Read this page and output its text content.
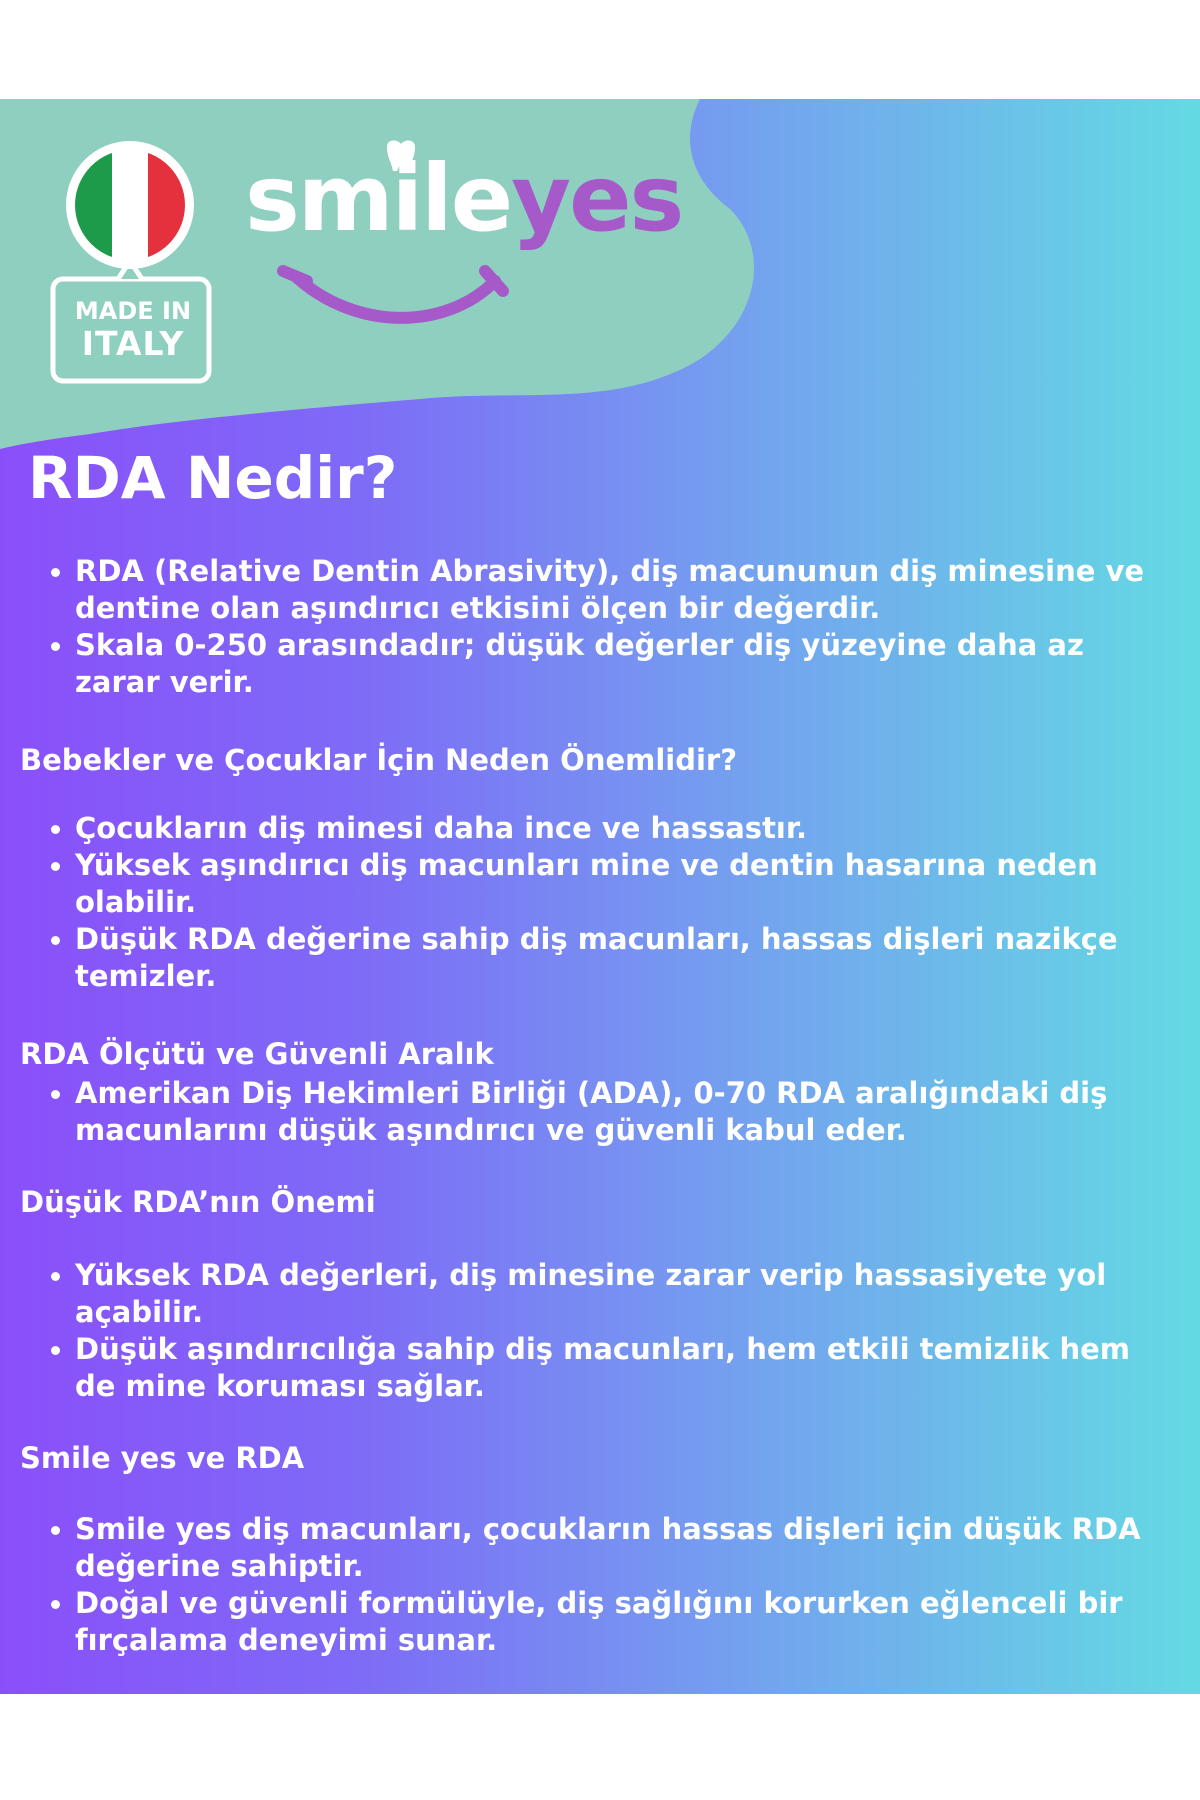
MADE IN
ITALY
smileyes
RDA Nedir?
RDA (Relative Dentin Abrasivity), diş macununun diş minesine ve dentine olan aşındırıcı etkisini ölçen bir değerdir.
Skala 0-250 arasındadır; düşük değerler diş yüzeyine daha az zarar verir.
Bebekler ve Çocuklar İçin Neden Önemlidir?
Çocukların diş minesi daha ince ve hassastır.
Yüksek aşındırıcı diş macunları mine ve dentin hasarına neden olabilir.
Düşük RDA değerine sahip diş macunları, hassas dişleri nazikçe temizler.
RDA Ölçütü ve Güvenli Aralık
Amerikan Diş Hekimleri Birliği (ADA), 0-70 RDA aralığındaki diş macunlarını düşük aşındırıcı ve güvenli kabul eder.
Düşük RDA’nın Önemi
Yüksek RDA değerleri, diş minesine zarar verip hassasiyete yol açabilir.
Düşük aşındırıcılığa sahip diş macunları, hem etkili temizlik hem de mine koruması sağlar.
Smile yes ve RDA
Smile yes diş macunları, çocukların hassas dişleri için düşük RDA değerine sahiptir.
Doğal ve güvenli formülüyle, diş sağlığını korurken eğlenceli bir fırçalama deneyimi sunar.
